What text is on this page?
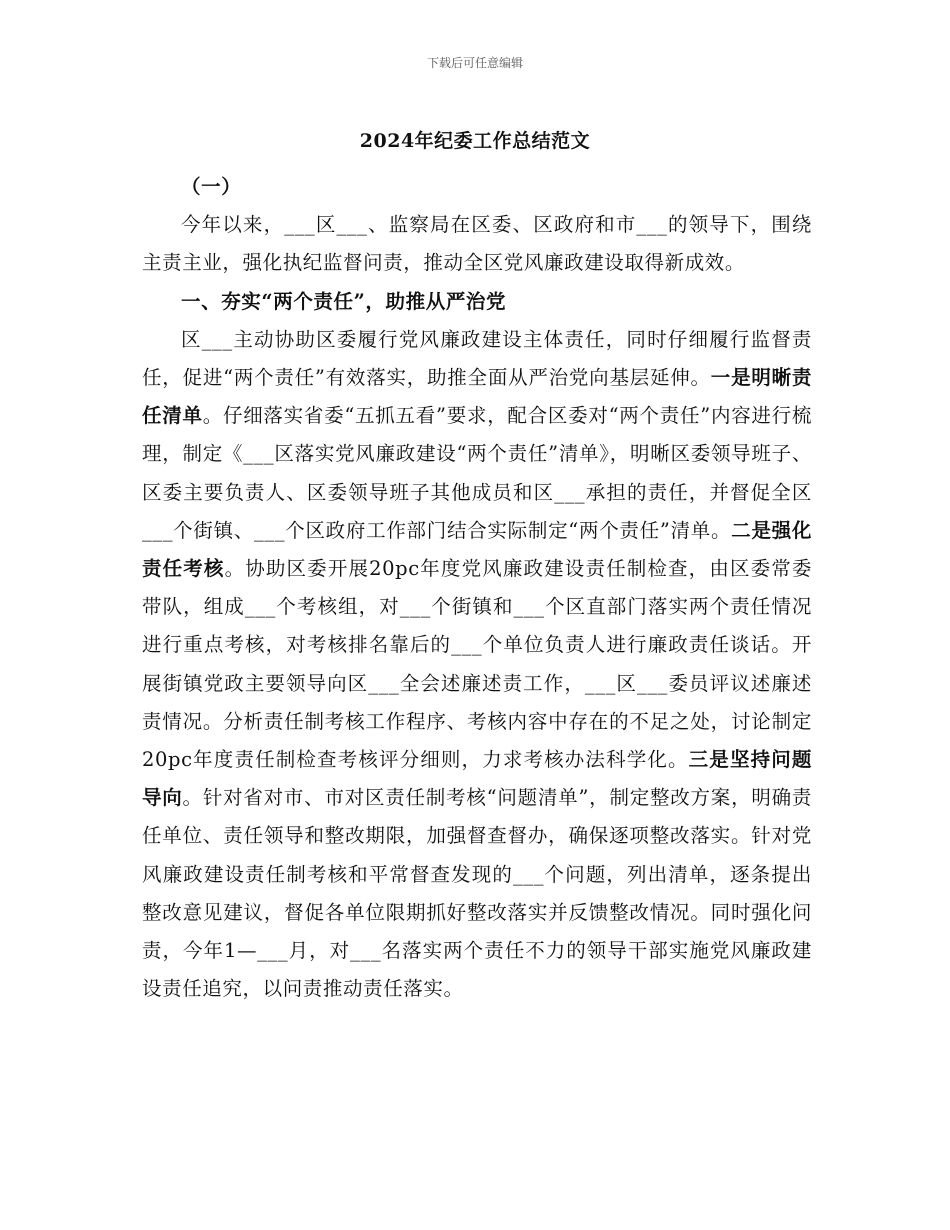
下载后可任意编辑
2024年纪委工作总结范文

（一）

今年以来，___区___、监察局在区委、区政府和市___的领导下，围绕主责主业，强化执纪监督问责，推动全区党风廉政建设取得新成效。

一、夯实“两个责任”，助推从严治党

区___主动协助区委履行党风廉政建设主体责任，同时仔细履行监督责任，促进“两个责任”有效落实，助推全面从严治党向基层延伸。一是明晰责任清单。仔细落实省委“五抓五看”要求，配合区委对“两个责任”内容进行梳理，制定《___区落实党风廉政建设“两个责任”清单》，明晰区委领导班子、区委主要负责人、区委领导班子其他成员和区___承担的责任，并督促全区___个街镇、___个区政府工作部门结合实际制定“两个责任”清单。二是强化责任考核。协助区委开展20pc年度党风廉政建设责任制检查，由区委常委带队，组成___个考核组，对___个街镇和___个区直部门落实两个责任情况进行重点考核，对考核排名靠后的___个单位负责人进行廉政责任谈话。开展街镇党政主要领导向区___全会述廉述责工作，___区___委员评议述廉述责情况。分析责任制考核工作程序、考核内容中存在的不足之处，讨论制定20pc年度责任制检查考核评分细则，力求考核办法科学化。三是坚持问题导向。针对省对市、市对区责任制考核“问题清单”，制定整改方案，明确责任单位、责任领导和整改期限，加强督查督办，确保逐项整改落实。针对党风廉政建设责任制考核和平常督查发现的___个问题，列出清单，逐条提出整改意见建议，督促各单位限期抓好整改落实并反馈整改情况。同时强化问责，今年1—___月，对___名落实两个责任不力的领导干部实施党风廉政建设责任追究，以问责推动责任落实。
